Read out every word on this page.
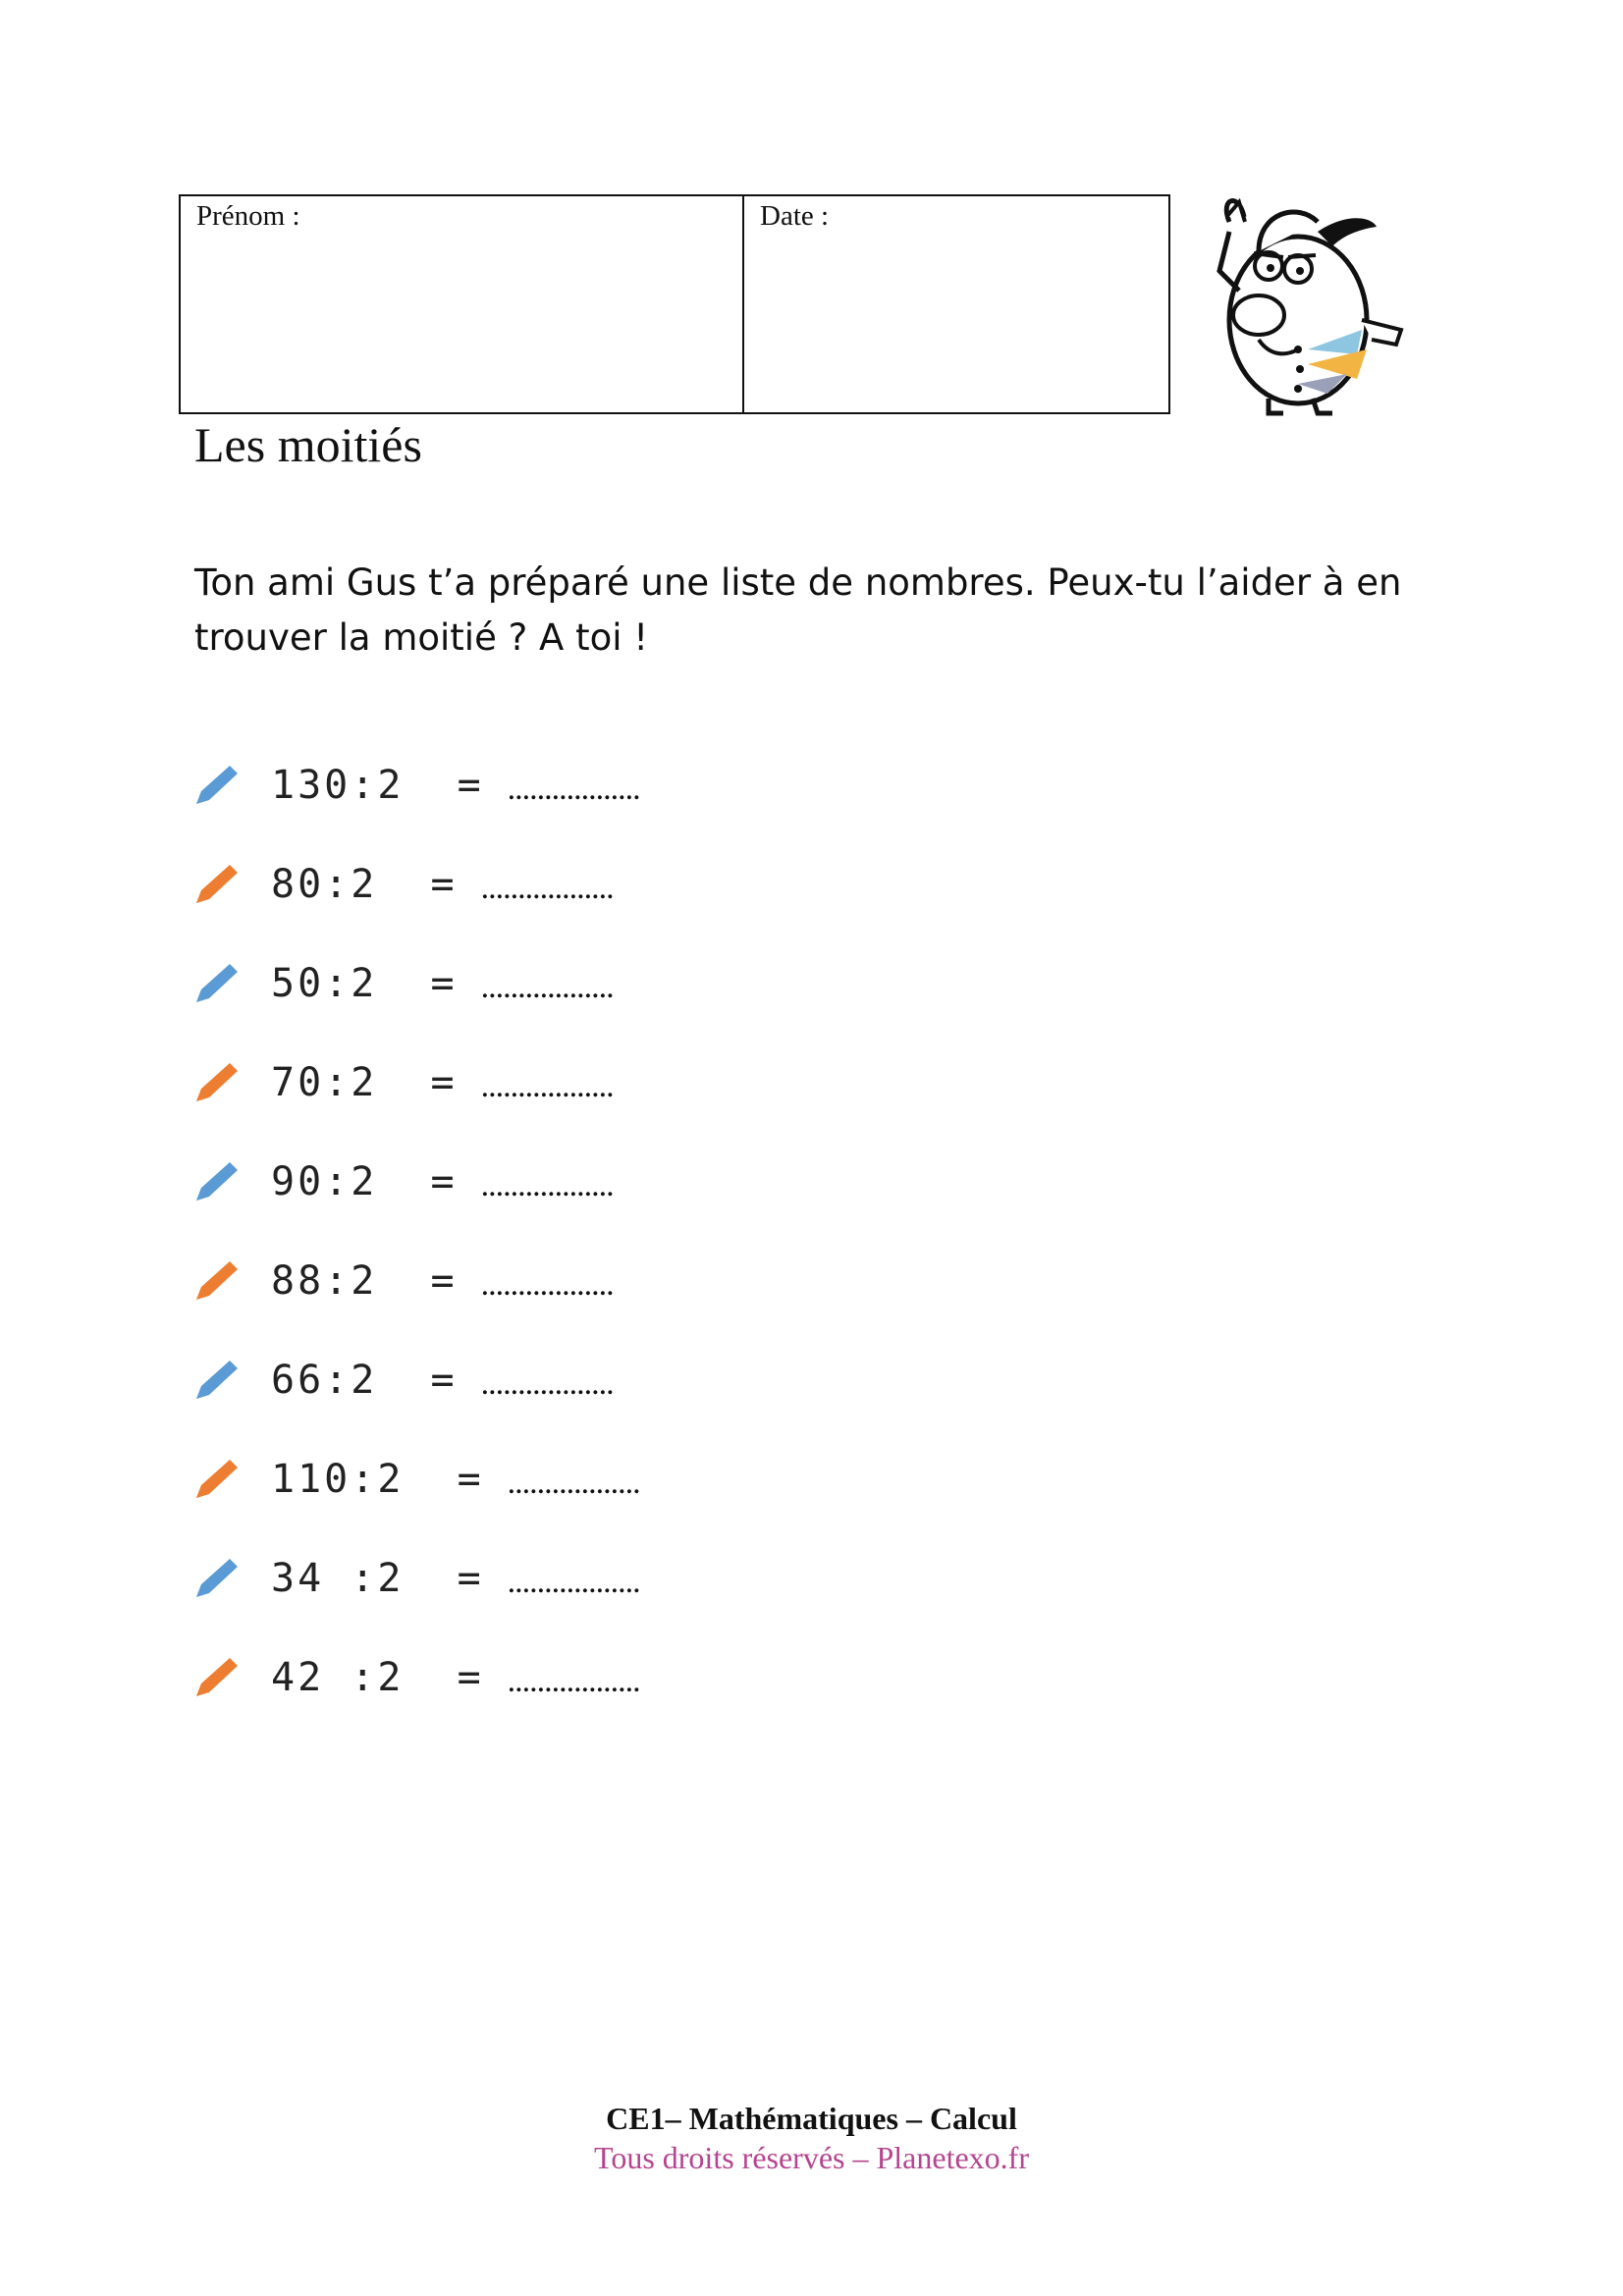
Prénom :	Date :
Les moitiés
Ton ami Gus t’a préparé une liste de nombres. Peux-tu l’aider à en trouver la moitié ? A toi !
130:2  = ..................
80:2  = ..................
50:2  = ..................
70:2  = ..................
90:2  = ..................
88:2  = ..................
66:2  = ..................
110:2  = ..................
34 :2  = ..................
42 :2  = ..................
CE1– Mathématiques – Calcul
Tous droits réservés – Planetexo.fr
